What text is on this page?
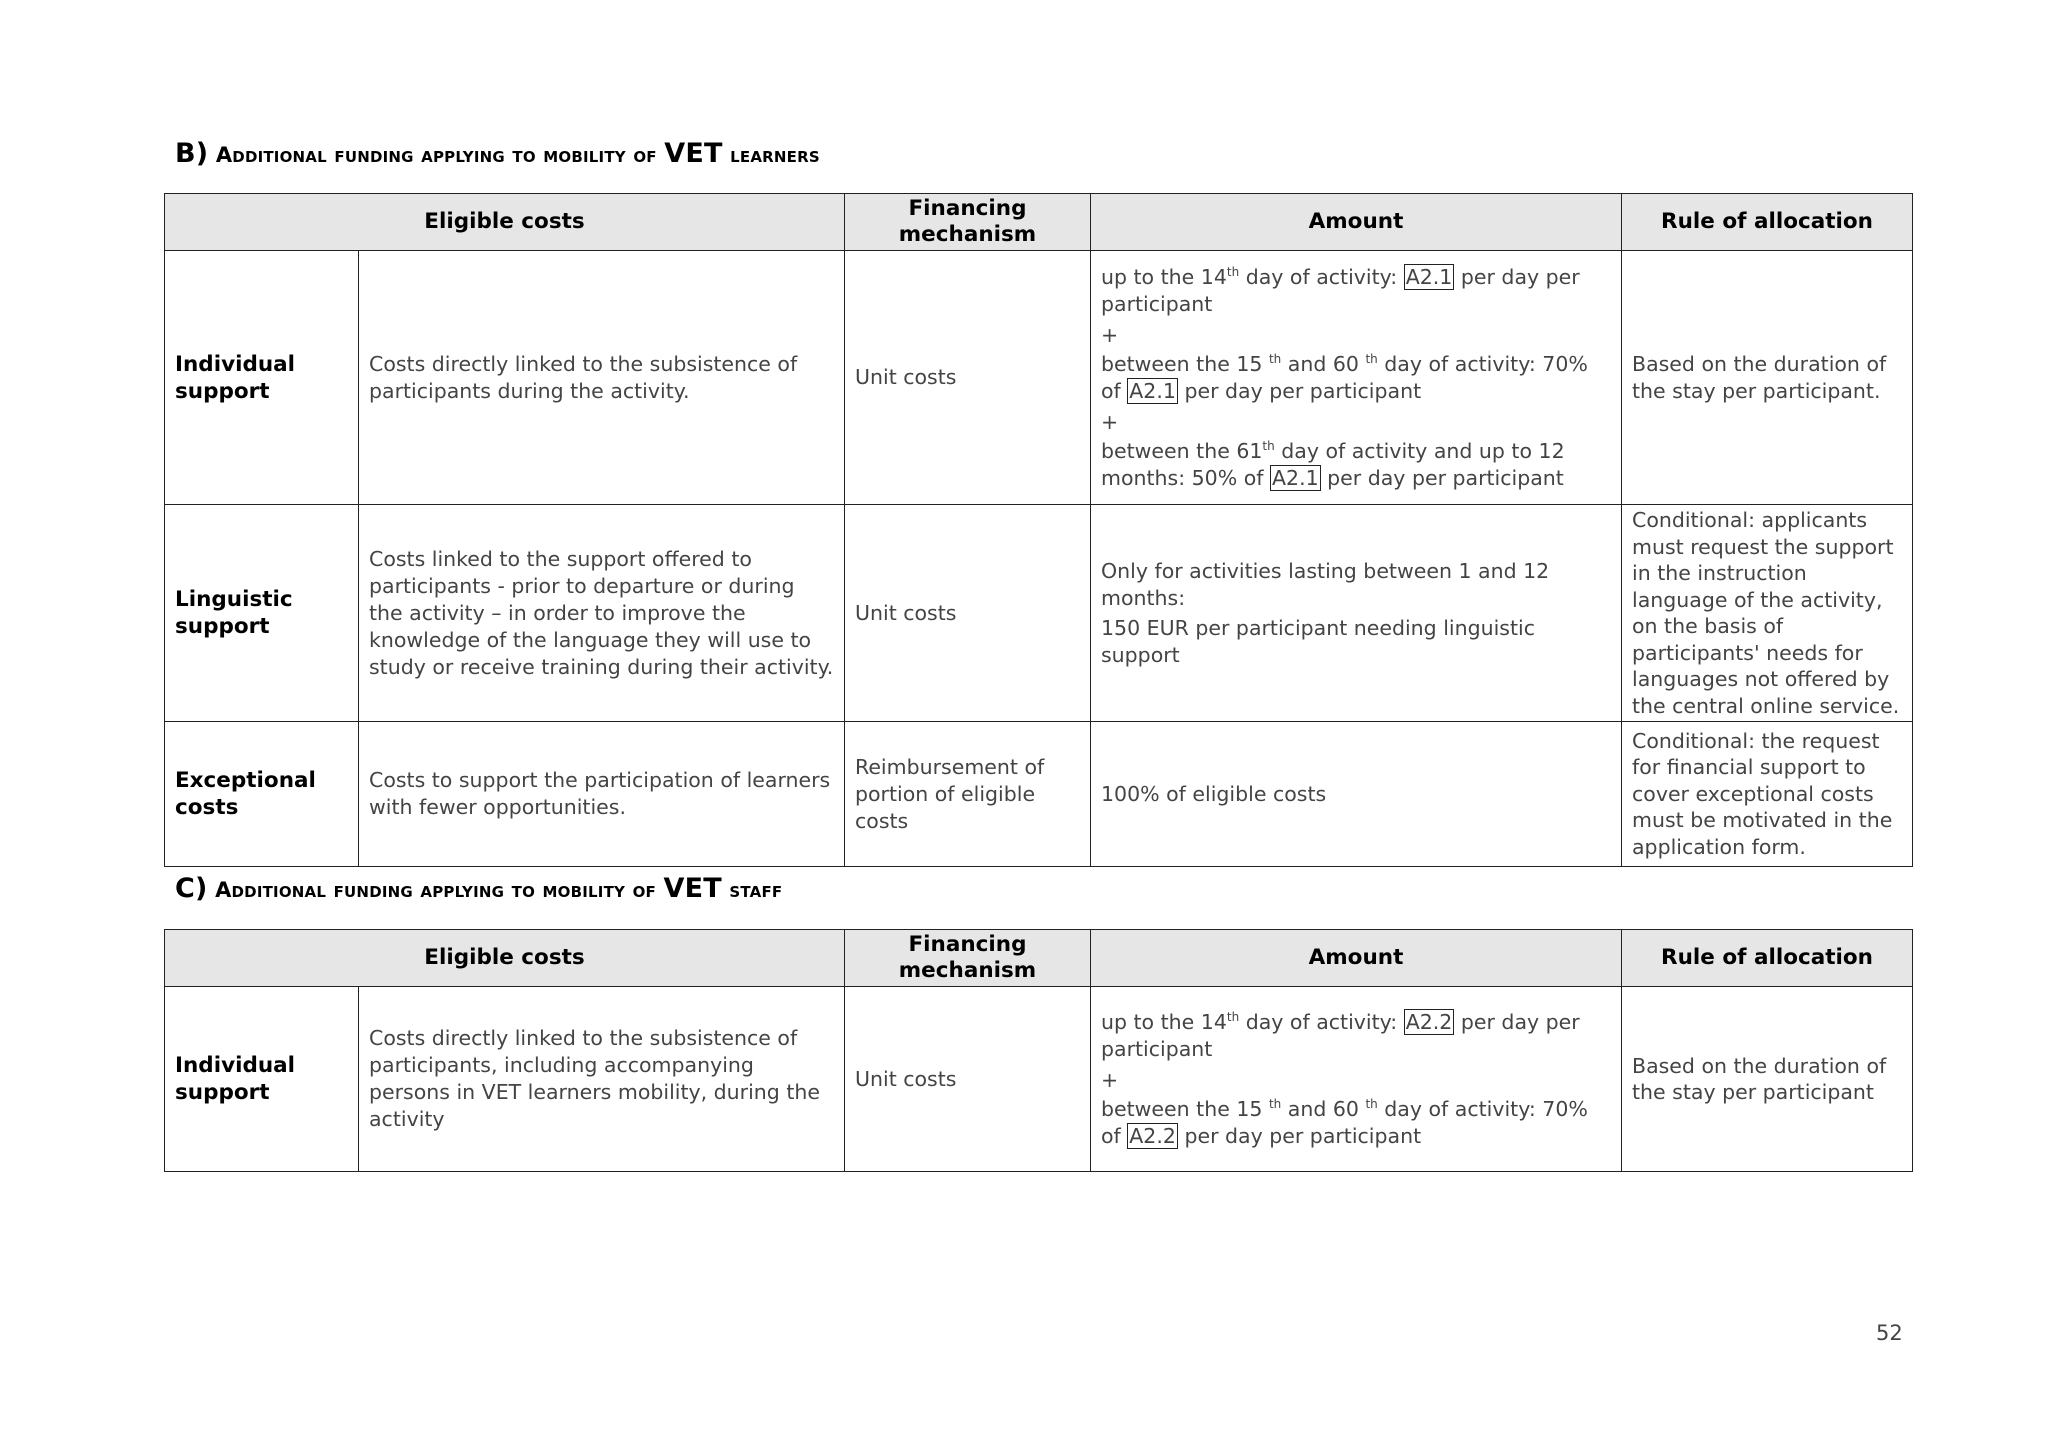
B) Additional funding applying to mobility of VET learners
Eligible costs		Financing mechanism	Amount	Rule of allocation
Individual support	Costs directly linked to the subsistence of participants during the activity.	Unit costs	up to the 14th day of activity: A2.1 per day per participant

+

between the 15 $^{th}$ and 60 $^{th}$ day of activity: 70% of A2.1 per day per participant

+

between the 61th day of activity and up to 12 months: 50% of A2.1 per day per participant	Based on the duration of the stay per participant.
Linguistic support	Costs linked to the support offered to participants - prior to departure or during the activity – in order to improve the knowledge of the language they will use to study or receive training during their activity.	Unit costs	Only for activities lasting between 1 and 12 months:

150 EUR per participant needing linguistic support	Conditional: applicants must request the support in the instruction language of the activity, on the basis of participants' needs for languages not offered by the central online service.
Exceptional costs	Costs to support the participation of learners with fewer opportunities.	Reimbursement of portion of eligible costs	100% of eligible costs	Conditional: the request for financial support to cover exceptional costs must be motivated in the application form.
C) Additional funding applying to mobility of VET staff
Eligible costs		Financing mechanism	Amount	Rule of allocation
Individual support	Costs directly linked to the subsistence of participants, including accompanying persons in VET learners mobility, during the activity	Unit costs	up to the 14th day of activity: A2.2 per day per participant

+

between the 15 $^{th}$ and 60 $^{th}$ day of activity: 70% of A2.2 per day per participant	Based on the duration of the stay per participant
52
